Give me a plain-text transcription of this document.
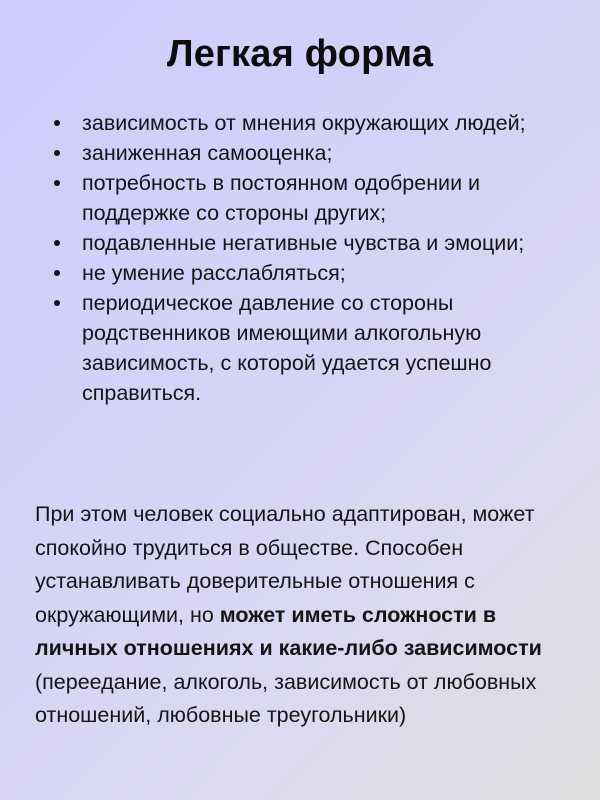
Легкая форма
зависимость от мнения окружающих людей;
заниженная самооценка;
потребность в постоянном одобрении и поддержке со стороны других;
подавленные негативные чувства и эмоции;
не умение расслабляться;
периодическое давление со стороны родственников имеющими алкогольную зависимость, с которой удается успешно справиться.

При этом человек социально адаптирован, может спокойно трудиться в обществе. Способен устанавливать доверительные отношения с окружающими, но может иметь сложности в личных отношениях и какие-либо зависимости (переедание, алкоголь, зависимость от любовных отношений, любовные треугольники)
